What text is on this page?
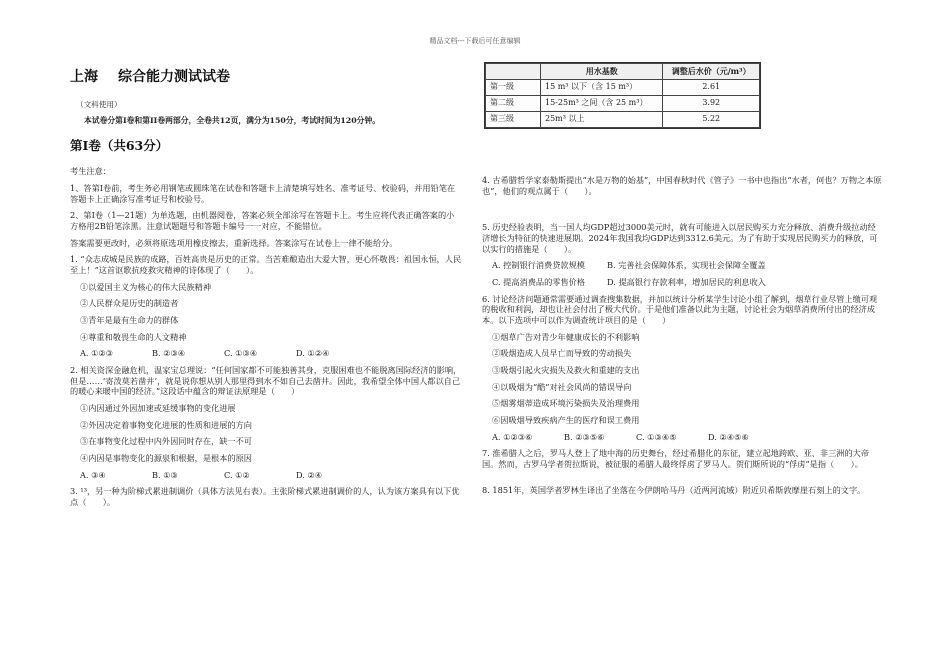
精品文档---下载后可任意编辑
上海 综合能力测试试卷
（文科使用）
本试卷分第I卷和第II卷两部分，全卷共12页，满分为150分，考试时间为120分钟。
第I卷（共63分）
考生注意：
1、答第I卷前，考生务必用钢笔或圆珠笔在试卷和答题卡上清楚填写姓名、准考证号、校验码，并用铅笔在答题卡上正确涂写准考证号和校验号。
2、第I卷（1—21题）为单选题，由机器阅卷，答案必须全部涂写在答题卡上。考生应将代表正确答案的小方格用2B铅笔涂黑。注意试题题号和答题卡编号一一对应，不能错位。
答案需要更改时，必须将原选项用橡皮擦去，重新选择。答案涂写在试卷上一律不能给分。
1. “众志成城是民族的成路，百姓高贵是历史的正常。当苦难酿造出大爱大智，更心怀敬畏：祖国永恒，人民至上！”这首讴歌抗疫救灾精神的诗体现了（　　）。
①以爱国主义为核心的伟大民族精神
②人民群众是历史的制造者
③青年是最有生命力的群体
④尊重和敬畏生命的人文精神
A. ①②③	B. ②③④	C. ①③④	D. ①②④
2. 相关资深金融危机，温家宝总理说：“任何国家都不可能独善其身，克服困难也不能脱离国际经济的影响，但是……‘寄泼莫若凿井’，就是说你想从别人那里得到水不如自己去凿井。因此，我希望全体中国人都以自己的暖心来暖中国的经济。”这段话中蕴含的辩证法原理是（　　）
①内因通过外因加速或延缓事物的变化进展
②外因决定着事物变化进展的性质和进展的方向
③在事物变化过程中内外因同时存在，缺一不可
④内因是事物变化的源泉和根据，是根本的原因
A. ③④	B. ①③	C. ①②	D. ②④
3. ¹³，另一种为阶梯式累进制调价（具体方法见右表）。主张阶梯式累进制调价的人，认为该方案具有以下优点（　　）。
	用水基数	调整后水价（元/m³）
第一级	15 m³ 以下（含 15 m³）	2.61
第二级	15-25m³ 之间（含 25 m³）	3.92
第三级	25m³ 以上	5.22
4. 古希腊哲学家泰勒斯提出“水是万物的始基”，中国春秋时代《管子》一书中也指出“水者，何也？万物之本原也”，他们的观点属于（　　）。
5. 历史经验表明，当一国人均GDP超过3000美元时，就有可能进入以居民购买力充分释放、消费升级拉动经济增长为特征的快速进展期。2024年我国我均GDP达到3312.6美元。为了有助于实现居民购买力的释放，可以实行的措施是（　　）。
A. 控制银行消费贷款规模	B. 完善社会保障体系，实现社会保障全覆盖
C. 提高消费品的零售价格	D. 提高银行存款利率，增加居民的利息收入
6. 讨论经济问题通常需要通过调查搜集数据，并加以统计分析某学生讨论小组了解到，烟草行业尽管上缴可观的税收和利润，却也让社会付出了极大代价。于是他们准备以此为主题，讨论社会为烟草消费所付出的经济成本。以下选项中可以作为调查统计项目的是（　　）
①烟草广告对青少年健康成长的不利影响
②吸烟造成人员早亡而导致的劳动损失
③吸烟引起火灾损失及救火和重建的支出
④以吸烟为“酷”对社会风尚的错误导向
⑤烟雾烟蒂造成环境污染损失及治理费用
⑥因吸烟导致疾病产生的医疗和误工费用
A. ①②③⑥	B. ②③⑤⑥	C. ①③④⑤	D. ②④⑤⑥
7. 淮希腊人之后，罗马人登上了地中海的历史舞台，经过希腊化的东征，建立起地跨欧、亚、非三洲的大帝国。然而，古罗马学者贺拉斯说，被征服的希腊人最终俘虏了罗马人。贺们斯所说的“俘虏”是指（　　）。
8. 1851年，英国学者罗林生译出了坐落在今伊朗哈马丹（近两河流域）附近贝希斯敦摩崖石刻上的文字。
